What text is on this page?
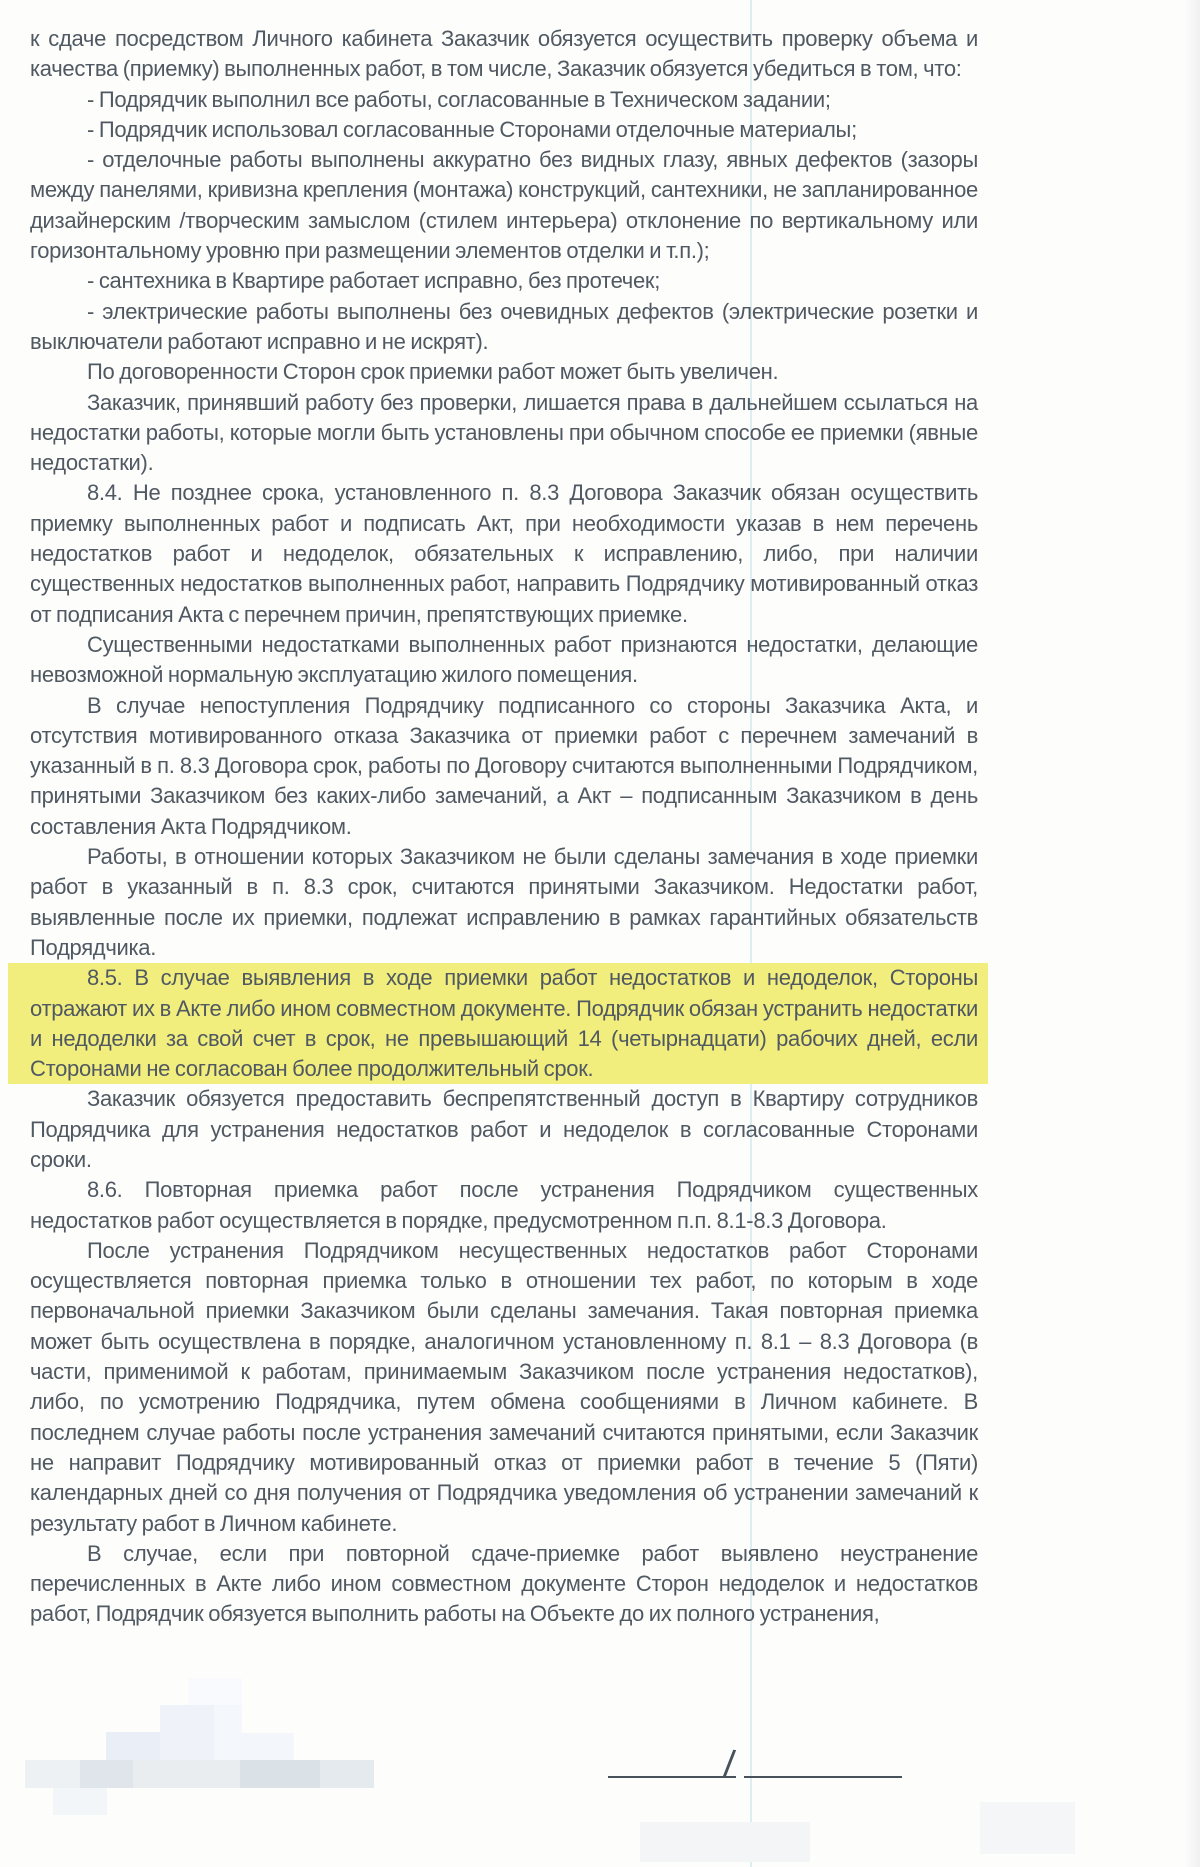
к сдаче посредством Личного кабинета Заказчик обязуется осуществить проверку объема и качества (приемку) выполненных работ, в том числе, Заказчик обязуется убедиться в том, что:

- Подрядчик выполнил все работы, согласованные в Техническом задании;

- Подрядчик использовал согласованные Сторонами отделочные материалы;

- отделочные работы выполнены аккуратно без видных глазу, явных дефектов (зазоры между панелями, кривизна крепления (монтажа) конструкций, сантехники, не запланированное дизайнерским /творческим замыслом (стилем интерьера) отклонение по вертикальному или горизонтальному уровню при размещении элементов отделки и т.п.);

- сантехника в Квартире работает исправно, без протечек;

- электрические работы выполнены без очевидных дефектов (электрические розетки и выключатели работают исправно и не искрят).

По договоренности Сторон срок приемки работ может быть увеличен.

Заказчик, принявший работу без проверки, лишается права в дальнейшем ссылаться на недостатки работы, которые могли быть установлены при обычном способе ее приемки (явные недостатки).

8.4. Не позднее срока, установленного п. 8.3 Договора Заказчик обязан осуществить приемку выполненных работ и подписать Акт, при необходимости указав в нем перечень недостатков работ и недоделок, обязательных к исправлению, либо, при наличии существенных недостатков выполненных работ, направить Подрядчику мотивированный отказ от подписания Акта с перечнем причин, препятствующих приемке.

Существенными недостатками выполненных работ признаются недостатки, делающие невозможной нормальную эксплуатацию жилого помещения.

В случае непоступления Подрядчику подписанного со стороны Заказчика Акта, и отсутствия мотивированного отказа Заказчика от приемки работ с перечнем замечаний в указанный в п. 8.3 Договора срок, работы по Договору считаются выполненными Подрядчиком, принятыми Заказчиком без каких-либо замечаний, а Акт – подписанным Заказчиком в день составления Акта Подрядчиком.

Работы, в отношении которых Заказчиком не были сделаны замечания в ходе приемки работ в указанный в п. 8.3 срок, считаются принятыми Заказчиком. Недостатки работ, выявленные после их приемки, подлежат исправлению в рамках гарантийных обязательств Подрядчика.

8.5. В случае выявления в ходе приемки работ недостатков и недоделок, Стороны отражают их в Акте либо ином совместном документе. Подрядчик обязан устранить недостатки и недоделки за свой счет в срок, не превышающий 14 (четырнадцати) рабочих дней, если Сторонами не согласован более продолжительный срок.

Заказчик обязуется предоставить беспрепятственный доступ в Квартиру сотрудников Подрядчика для устранения недостатков работ и недоделок в согласованные Сторонами сроки.

8.6. Повторная приемка работ после устранения Подрядчиком существенных недостатков работ осуществляется в порядке, предусмотренном п.п. 8.1-8.3 Договора.

После устранения Подрядчиком несущественных недостатков работ Сторонами осуществляется повторная приемка только в отношении тех работ, по которым в ходе первоначальной приемки Заказчиком были сделаны замечания. Такая повторная приемка может быть осуществлена в порядке, аналогичном установленному п. 8.1 – 8.3 Договора (в части, применимой к работам, принимаемым Заказчиком после устранения недостатков), либо, по усмотрению Подрядчика, путем обмена сообщениями в Личном кабинете. В последнем случае работы после устранения замечаний считаются принятыми, если Заказчик не направит Подрядчику мотивированный отказ от приемки работ в течение 5 (Пяти) календарных дней со дня получения от Подрядчика уведомления об устранении замечаний к результату работ в Личном кабинете.

В случае, если при повторной сдаче-приемке работ выявлено неустранение перечисленных в Акте либо ином совместном документе Сторон недоделок и недостатков работ, Подрядчик обязуется выполнить работы на Объекте до их полного устранения,

/
